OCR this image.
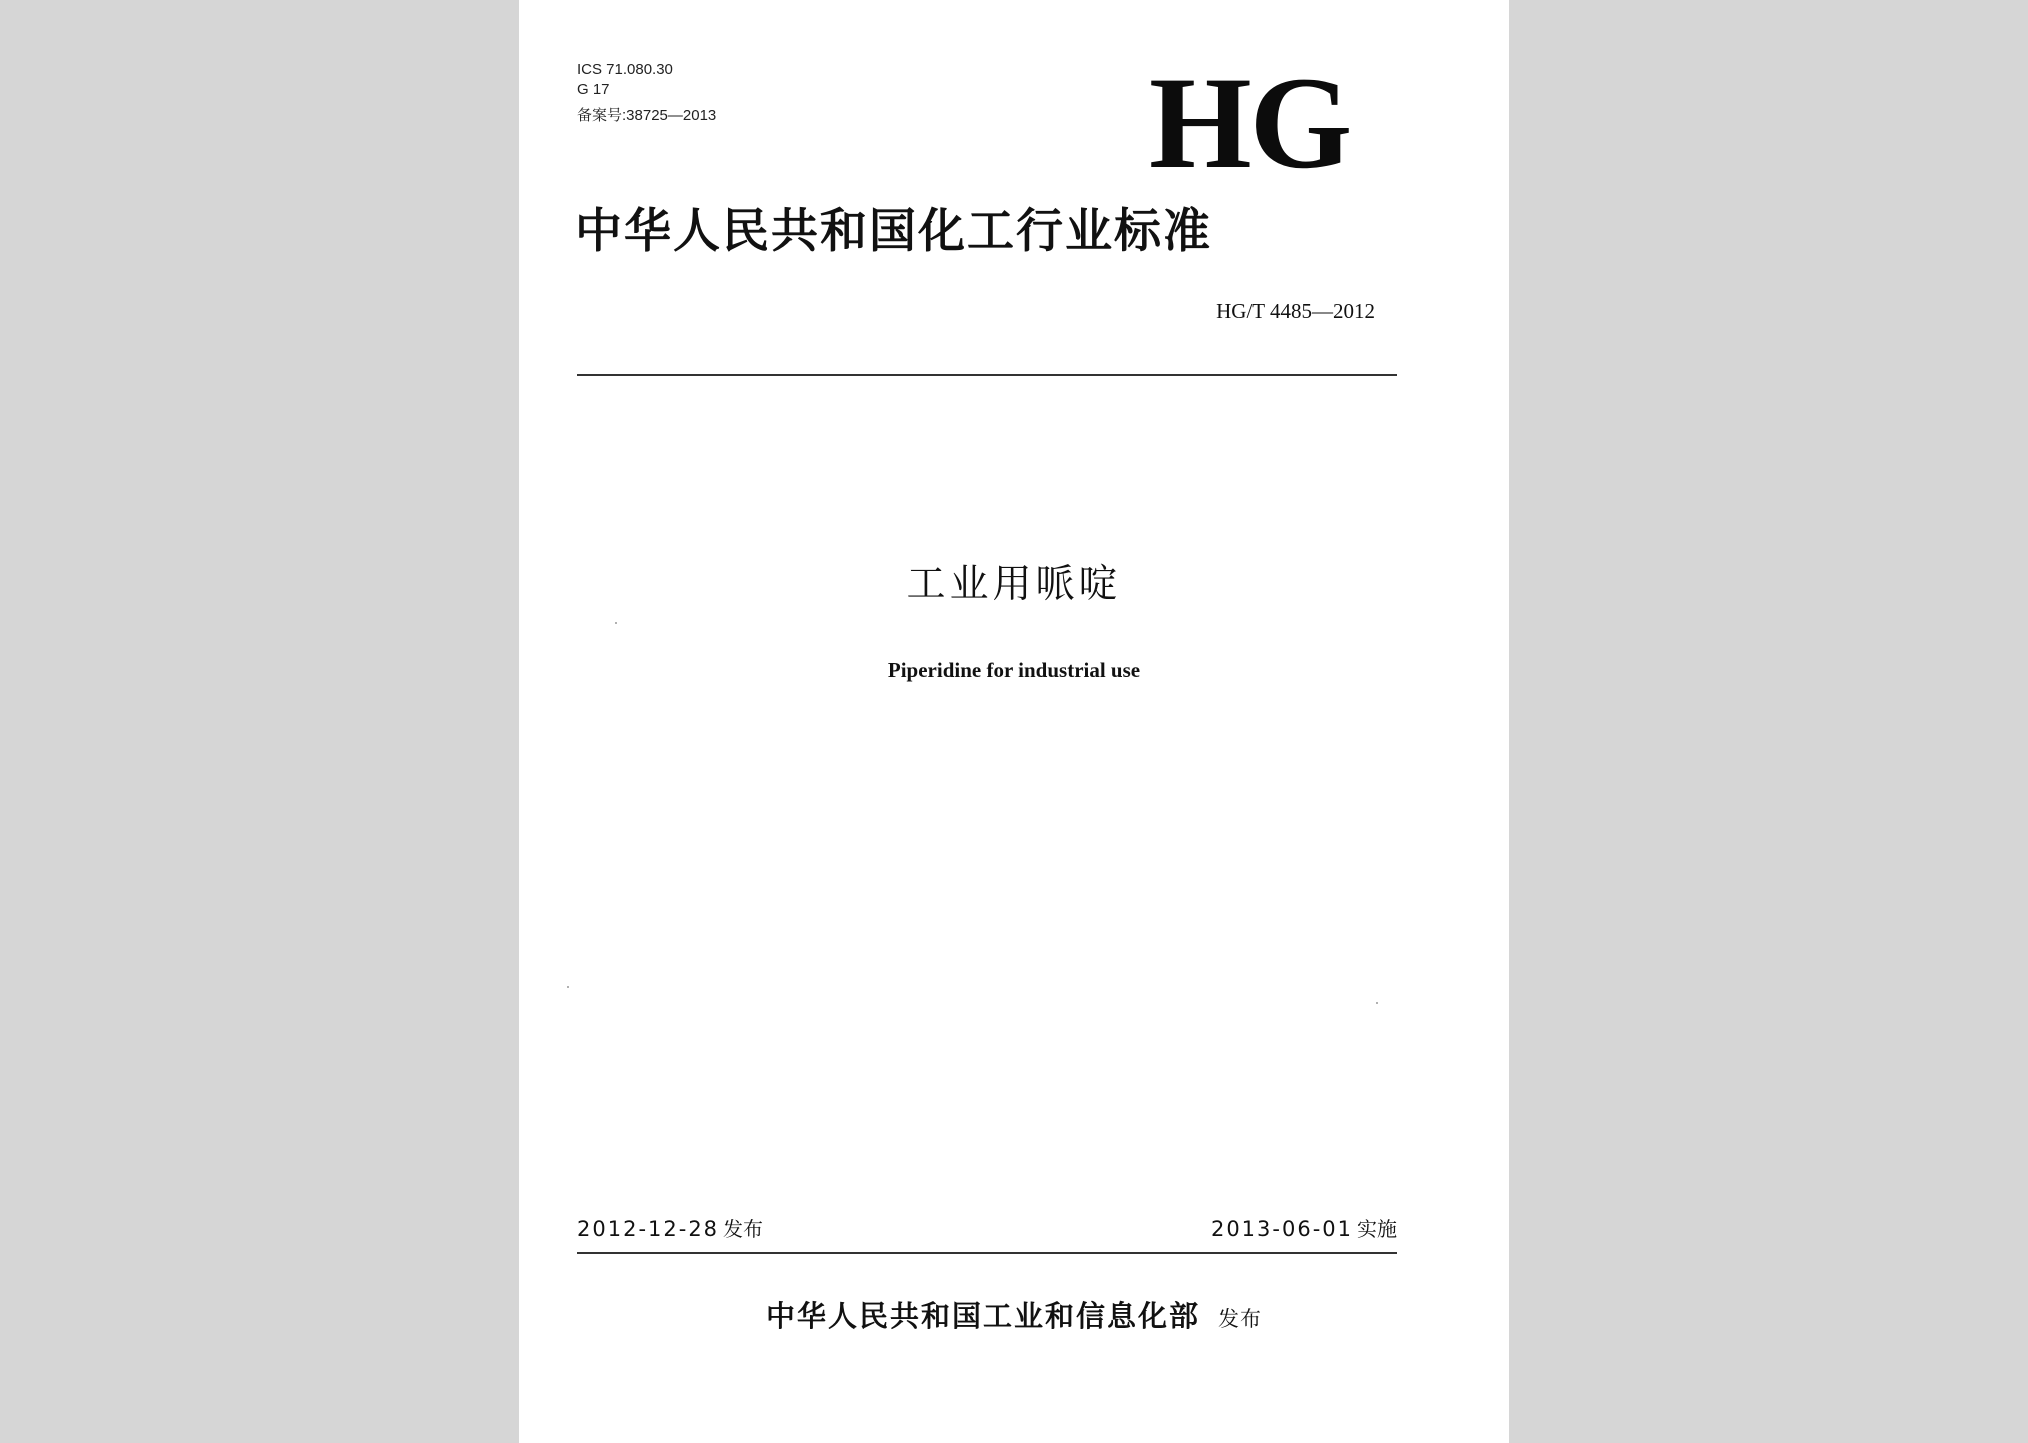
ICS 71.080.30
G 17
备案号:38725—2013	HG
中华人民共和国化工行业标准
HG/T 4485—2012
工业用哌啶
Piperidine for industrial use
2012-12-28 发布	2013-06-01 实施
中华人民共和国工业和信息化部 发布
